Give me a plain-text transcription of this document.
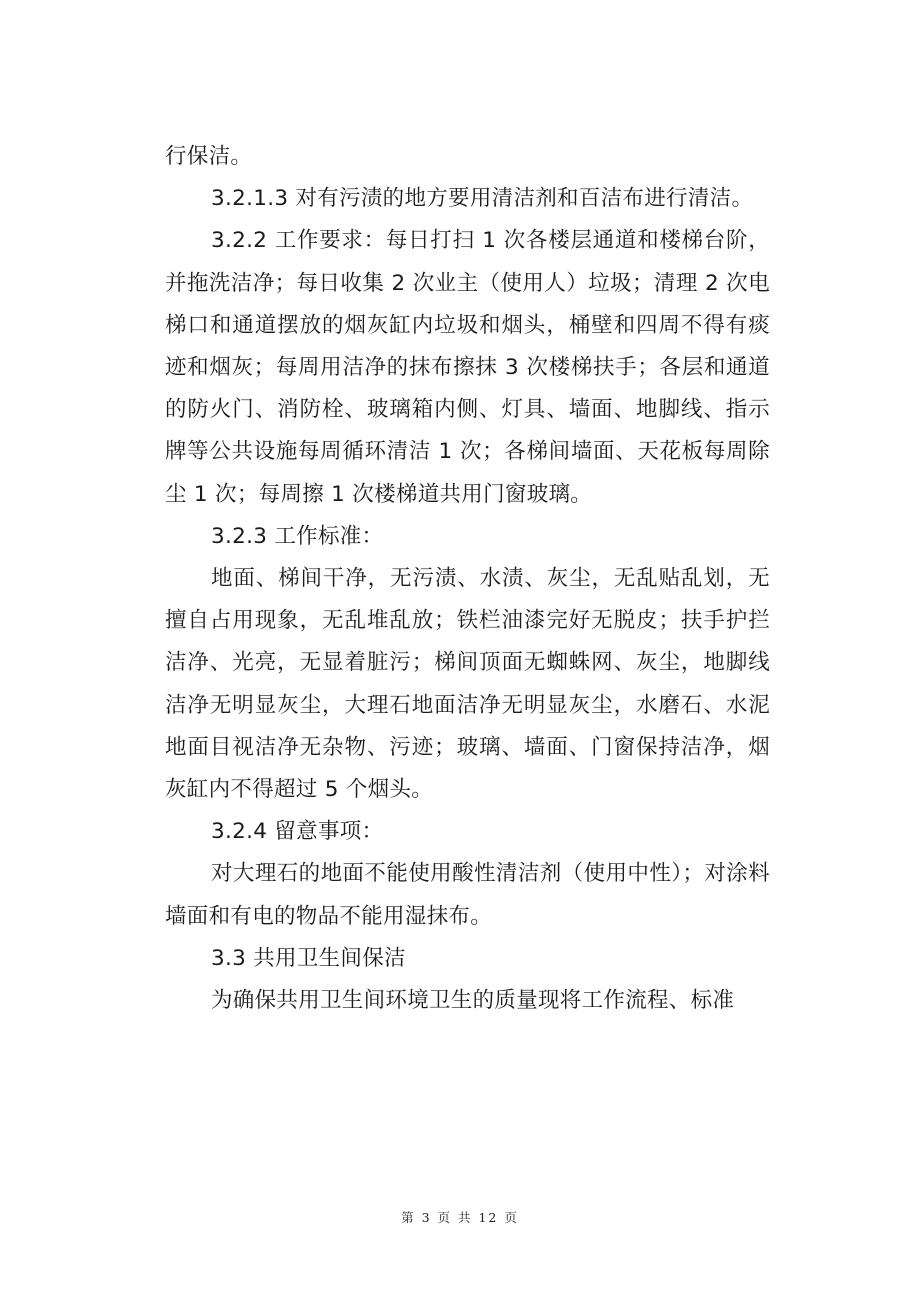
行保洁。

3.2.1.3 对有污渍的地方要用清洁剂和百洁布进行清洁。

3.2.2 工作要求：每日打扫 1 次各楼层通道和楼梯台阶，并拖洗洁净；每日收集 2 次业主（使用人）垃圾；清理 2 次电梯口和通道摆放的烟灰缸内垃圾和烟头，桶壁和四周不得有痰迹和烟灰；每周用洁净的抹布擦抹 3 次楼梯扶手；各层和通道的防火门、消防栓、玻璃箱内侧、灯具、墙面、地脚线、指示牌等公共设施每周循环清洁 1 次；各梯间墙面、天花板每周除尘 1 次；每周擦 1 次楼梯道共用门窗玻璃。

3.2.3 工作标准：

地面、梯间干净，无污渍、水渍、灰尘，无乱贴乱划，无擅自占用现象，无乱堆乱放；铁栏油漆完好无脱皮；扶手护拦洁净、光亮，无显着脏污；梯间顶面无蜘蛛网、灰尘，地脚线洁净无明显灰尘，大理石地面洁净无明显灰尘，水磨石、水泥地面目视洁净无杂物、污迹；玻璃、墙面、门窗保持洁净，烟灰缸内不得超过 5 个烟头。

3.2.4 留意事项：

对大理石的地面不能使用酸性清洁剂（使用中性）；对涂料墙面和有电的物品不能用湿抹布。

3.3 共用卫生间保洁

为确保共用卫生间环境卫生的质量现将工作流程、标准

第 3 页 共 12 页
